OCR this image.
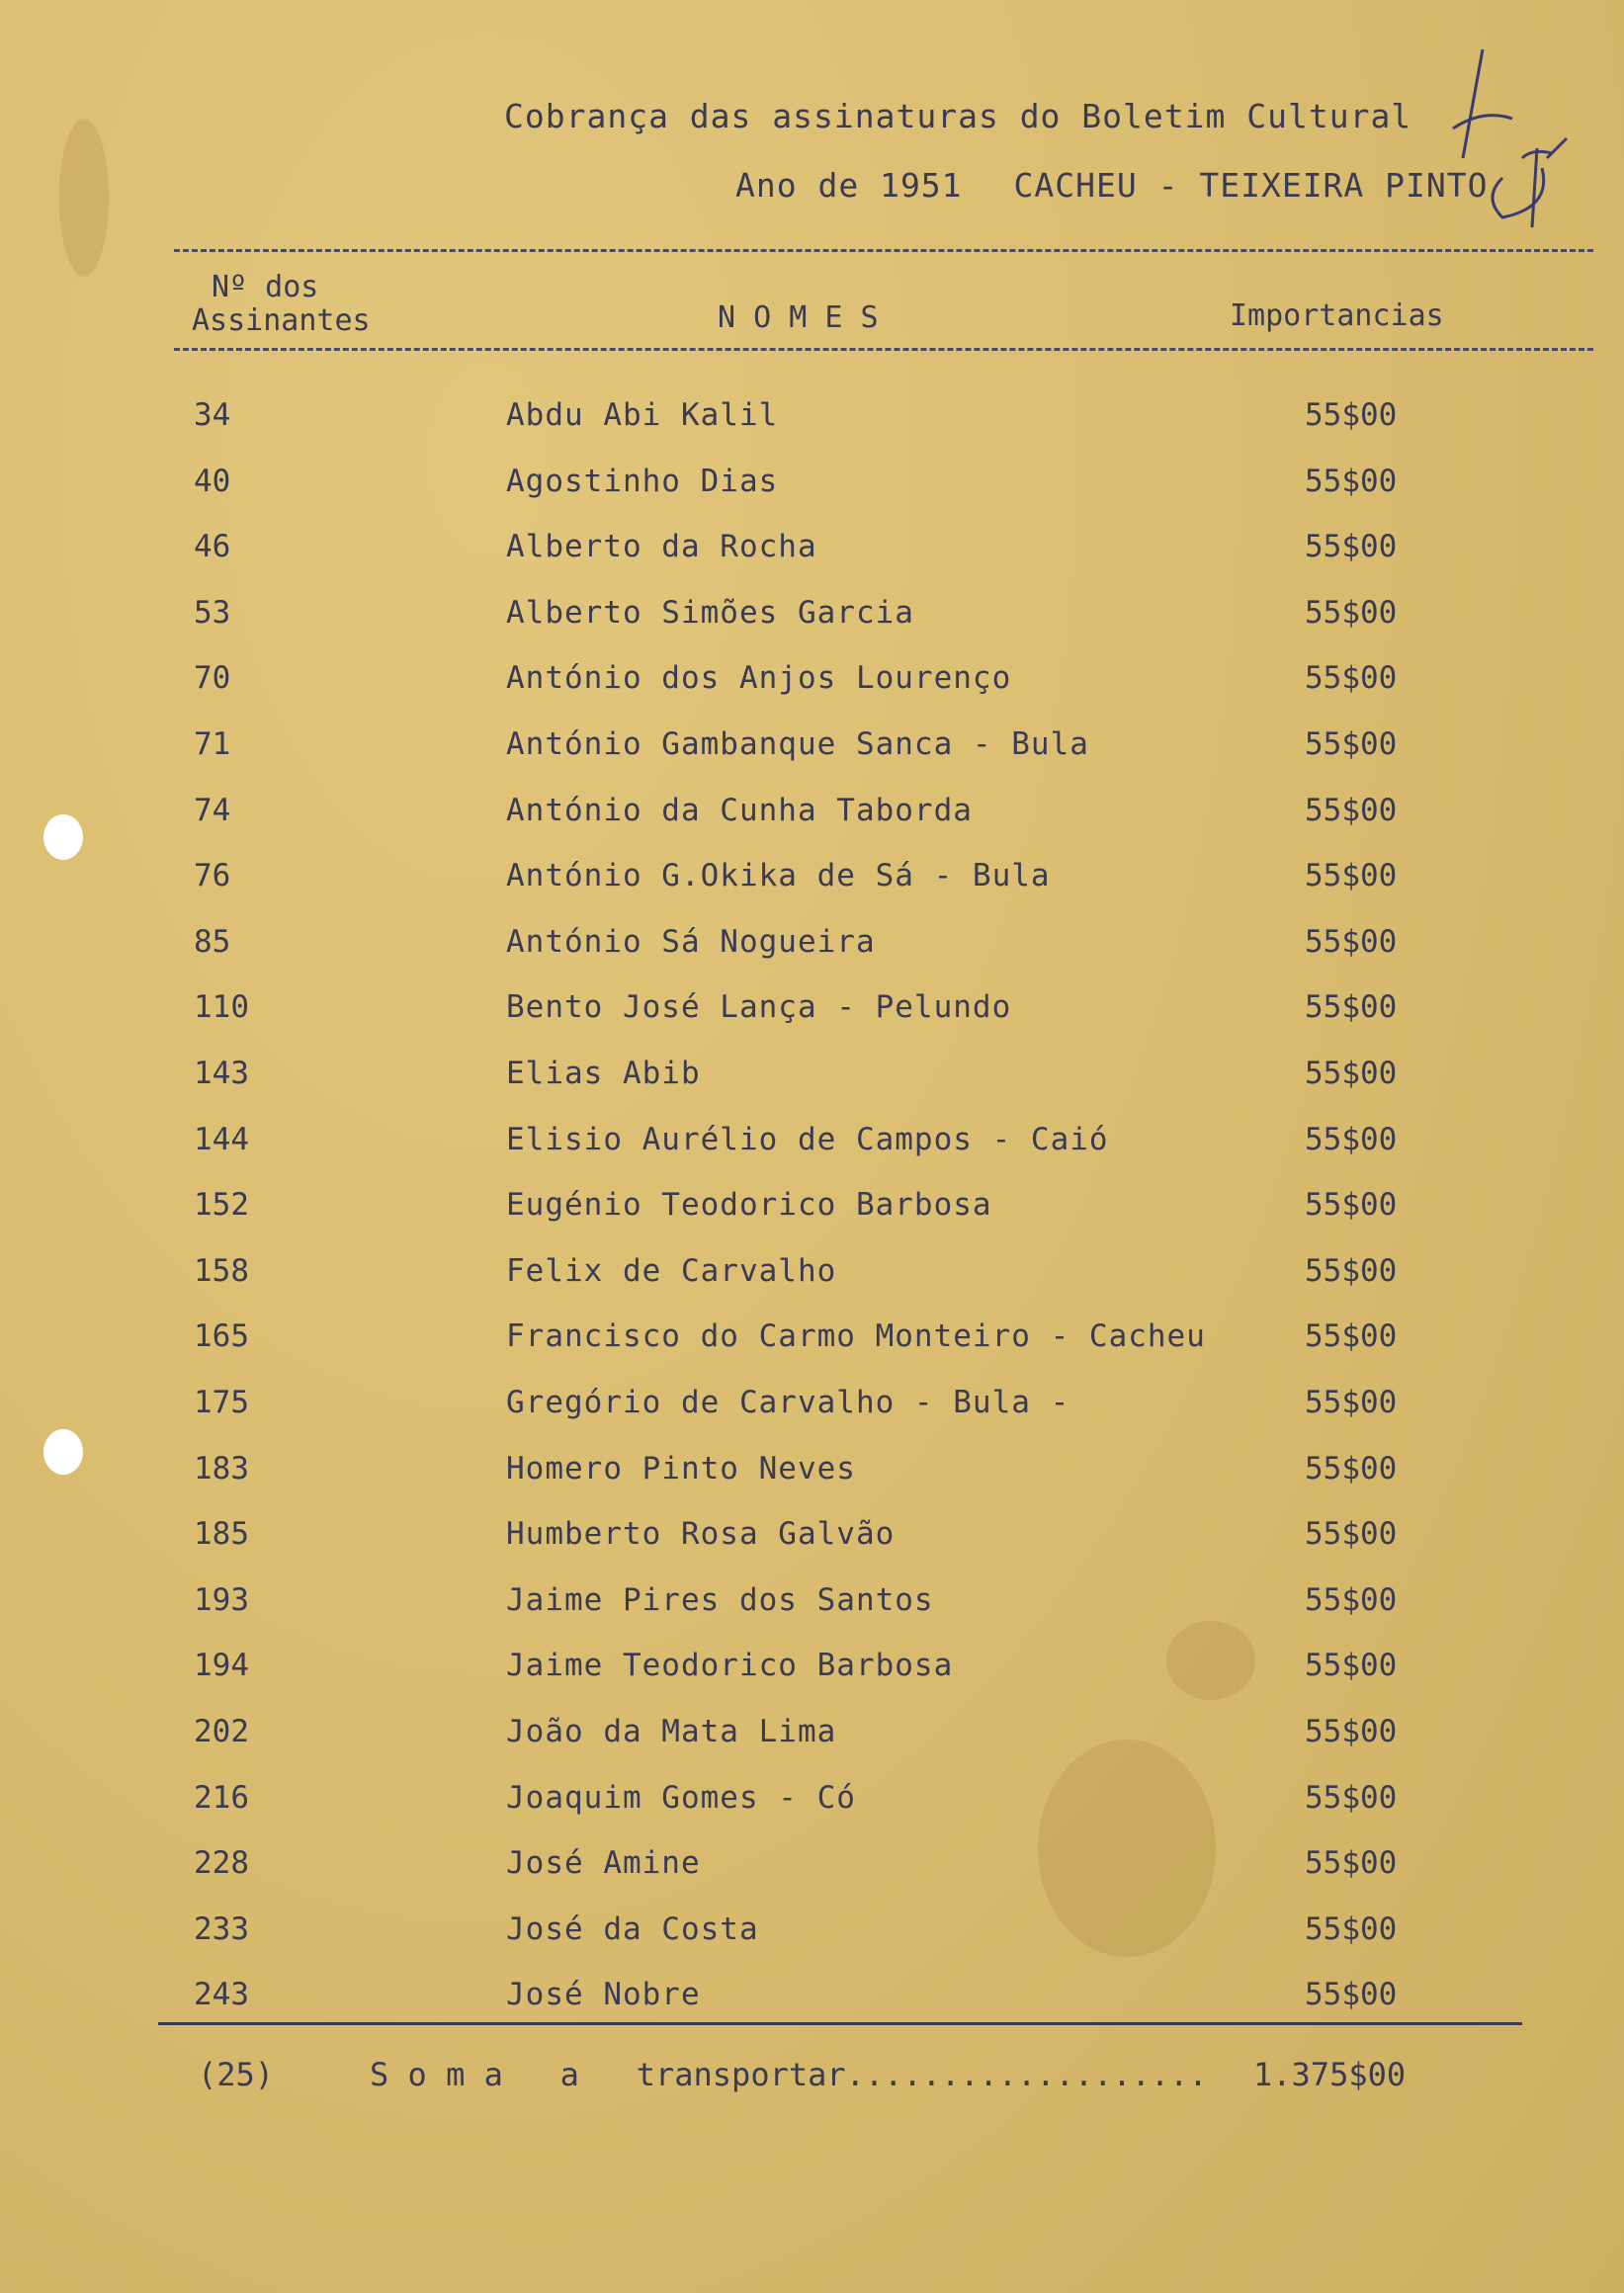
Cobrança das assinaturas do Boletim Cultural
Ano de 1951 CACHEU - TEIXEIRA PINTO
Nº dos
Assinantes	N O M E S	Importancias
34	Abdu Abi Kalil	55$00
40	Agostinho Dias	55$00
46	Alberto da Rocha	55$00
53	Alberto Simões Garcia	55$00
70	António dos Anjos Lourenço	55$00
71	António Gambanque Sanca - Bula	55$00
74	António da Cunha Taborda	55$00
76	António G.Okika de Sá - Bula	55$00
85	António Sá Nogueira	55$00
110	Bento José Lança - Pelundo	55$00
143	Elias Abib	55$00
144	Elisio Aurélio de Campos - Caió	55$00
152	Eugénio Teodorico Barbosa	55$00
158	Felix de Carvalho	55$00
165	Francisco do Carmo Monteiro - Cacheu	55$00
175	Gregório de Carvalho - Bula -	55$00
183	Homero Pinto Neves	55$00
185	Humberto Rosa Galvão	55$00
193	Jaime Pires dos Santos	55$00
194	Jaime Teodorico Barbosa	55$00
202	João da Mata Lima	55$00
216	Joaquim Gomes - Có	55$00
228	José Amine	55$00
233	José da Costa	55$00
243	José Nobre	55$00
(25)	S o m a   a   transportar................... 1.375$00
